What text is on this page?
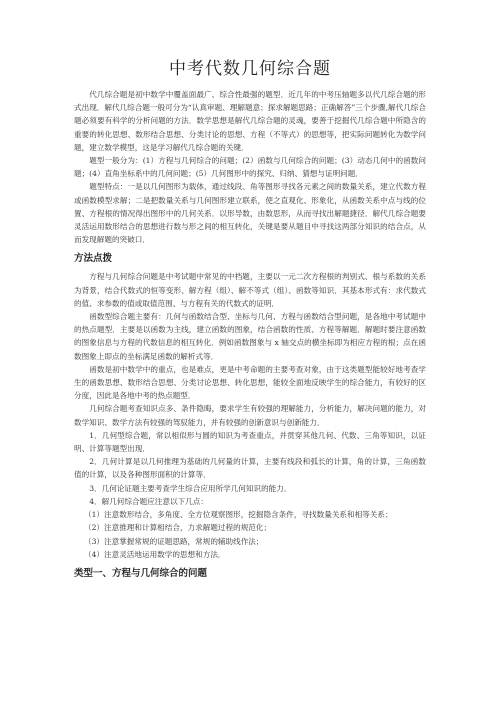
中考代数几何综合题

代几综合题是初中数学中覆盖面最广、综合性最强的题型．近几年的中考压轴题多以代几综合题的形式出现．解代几综合题一般可分为“认真审题、理解题意；探求解题思路；正确解答”三个步骤,解代几综合题必须要有科学的分析问题的方法．数学思想是解代几综合题的灵魂，要善于挖掘代几综合题中所隐含的重要的转化思想、数形结合思想、分类讨论的思想、方程（不等式）的思想等，把实际问题转化为数学问题，建立数学模型，这是学习解代几综合题的关键．

题型一般分为：(1）方程与几何综合的问题；(2）函数与几何综合的问题；(3）动态几何中的函数问题；(4）直角坐标系中的几何问题；(5）几何图形中的探究、归纳、猜想与证明问题．

题型特点：一是以几何图形为载体，通过线段、角等图形寻找各元素之间的数量关系，建立代数方程或函数模型求解；二是把数量关系与几何图形建立联系，使之直观化、形象化，从函数关系中点与线的位置、方程根的情况得出图形中的几何关系．以形导数，由数思形，从而寻找出解题捷径．解代几综合题要灵活运用数形结合的思想进行数与形之间的相互转化，关键是要从题目中寻找这两部分知识的结合点，从而发现解题的突破口．

方法点拨

方程与几何综合问题是中考试题中常见的中档题，主要以一元二次方程根的判别式、根与系数的关系为背景，结合代数式的恒等变形、解方程（组）、解不等式（组）、函数等知识．其基本形式有：求代数式的值、求参数的值或取值范围、与方程有关的代数式的证明．

函数型综合题主要有：几何与函数结合型、坐标与几何、方程与函数结合型问题，是各地中考试题中的热点题型．主要是以函数为主线，建立函数的图象，结合函数的性质、方程等解题．解题时要注意函数的图象信息与方程的代数信息的相互转化．例如函数图象与 x 轴交点的横坐标即为相应方程的根；点在函数图象上即点的坐标满足函数的解析式等．

函数是初中数学中的重点，也是难点，更是中考命题的主要考查对象，由于这类题型能较好地考查学生的函数思想、数形结合思想、分类讨论思想、转化思想，能较全面地反映学生的综合能力，有较好的区分度，因此是各地中考的热点题型．

几何综合题考查知识点多、条件隐晦，要求学生有较强的理解能力，分析能力，解决问题的能力，对数学知识、数学方法有较强的驾驭能力，并有较强的创新意识与创新能力．

1．几何型综合题，常以相似形与圆的知识为考查重点，并贯穿其他几何、代数、三角等知识，以证明、计算等题型出现．

2．几何计算是以几何推理为基础的几何量的计算，主要有线段和弧长的计算，角的计算，三角函数值的计算，以及各种图形面积的计算等．

3．几何论证题主要考查学生综合应用所学几何知识的能力．

4．解几何综合题应注意以下几点：

（1）注意数形结合，多角度、全方位观察图形，挖掘隐含条件，寻找数量关系和相等关系；

（2）注意推理和计算相结合，力求解题过程的规范化；

（3）注意掌握常规的证题思路，常规的辅助线作法；

（4）注意灵活地运用数学的思想和方法．

类型一、方程与几何综合的问题
